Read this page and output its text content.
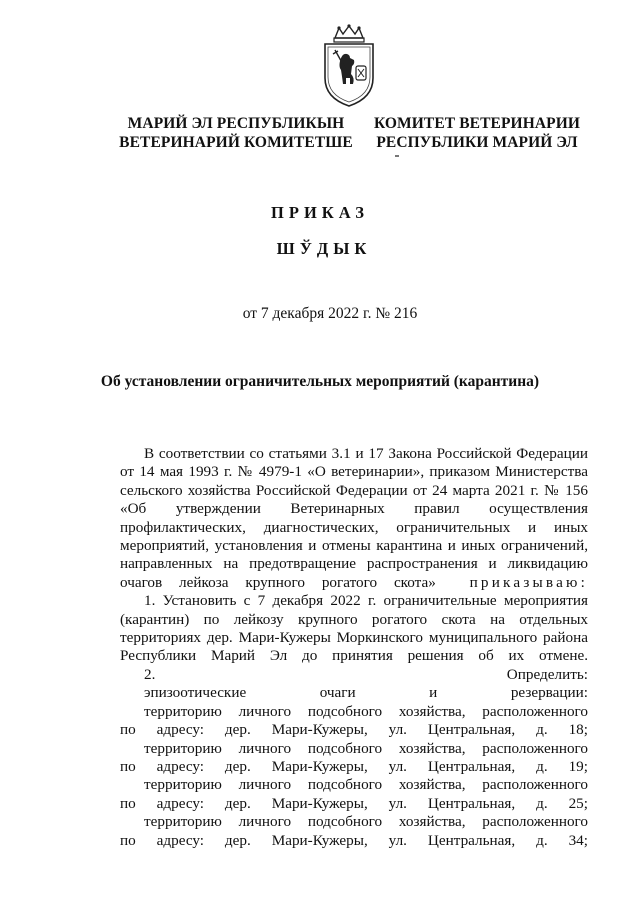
МАРИЙ ЭЛ РЕСПУБЛИКЫН
ВЕТЕРИНАРИЙ КОМИТЕТШЕ
КОМИТЕТ ВЕТЕРИНАРИИ
РЕСПУБЛИКИ МАРИЙ ЭЛ
ПРИКАЗ
ШЎДЫК
от 7 декабря 2022 г. № 216
Об установлении ограничительных мероприятий (карантина)
В соответствии со статьями 3.1 и 17 Закона Российской Федерации
от 14 мая 1993 г. № 4979-1 «О ветеринарии», приказом Министерства
сельского хозяйства Российской Федерации от 24 марта 2021 г. № 156
«Об утверждении Ветеринарных правил осуществления
профилактических, диагностических, ограничительных и иных
мероприятий, установления и отмены карантина и иных ограничений,
направленных на предотвращение распространения и ликвидацию
очагов лейкоза крупного рогатого скота» приказываю:
1. Установить с 7 декабря 2022 г. ограничительные мероприятия
(карантин) по лейкозу крупного рогатого скота на отдельных
территориях дер. Мари-Кужеры Моркинского муниципального района
Республики Марий Эл до принятия решения об их отмене.
2. Определить:
эпизоотические очаги и резервации:
территорию личного подсобного хозяйства, расположенного
по адресу: дер. Мари-Кужеры, ул. Центральная, д. 18;
территорию личного подсобного хозяйства, расположенного
по адресу: дер. Мари-Кужеры, ул. Центральная, д. 19;
территорию личного подсобного хозяйства, расположенного
по адресу: дер. Мари-Кужеры, ул. Центральная, д. 25;
территорию личного подсобного хозяйства, расположенного
по адресу: дер. Мари-Кужеры, ул. Центральная, д. 34;
